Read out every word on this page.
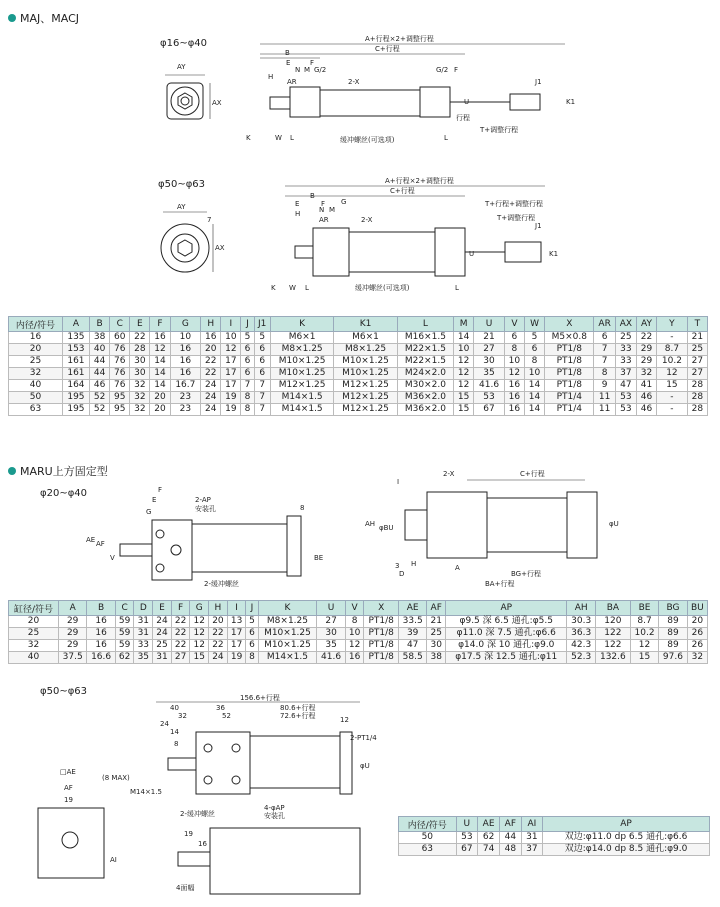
MAJ、MACJ
φ16~φ40
φ50~φ63
AY
AX
A+行程×2+调整行程
C+行程
B
E	F
H
N M G/2
AR	2-X
G/2 F
J1
行程
T+调整行程
K	W L	缓冲螺丝(可选项)	L
U	K1
AY
AX
7
A+行程×2+调整行程
C+行程
B
E	F
H	N M
G
AR	2-X
T+行程+调整行程
T+调整行程
J1
K W L	缓冲螺丝(可选项)	L
U	K1
内径/符号	A	B	C	E	F	G	H	I	J	J1	K	K1	L	M	U	V	W	X	AR	AX	AY	Y	T
16	135	38	60	22	16	10	16	10	5	5	M6×1	M6×1	M16×1.5	14	21	6	5	M5×0.8	6	25	22	-	21
20	153	40	76	28	12	16	20	12	6	6	M8×1.25	M8×1.25	M22×1.5	10	27	8	6	PT1/8	7	33	29	8.7	25
25	161	44	76	30	14	16	22	17	6	6	M10×1.25	M10×1.25	M22×1.5	12	30	10	8	PT1/8	7	33	29	10.2	27
32	161	44	76	30	14	16	22	17	6	6	M10×1.25	M10×1.25	M24×2.0	12	35	12	10	PT1/8	8	37	32	12	27
40	164	46	76	32	14	16.7	24	17	7	7	M12×1.25	M12×1.25	M30×2.0	12	41.6	16	14	PT1/8	9	47	41	15	28
50	195	52	95	32	20	23	24	19	8	7	M14×1.5	M12×1.25	M36×2.0	15	53	16	14	PT1/4	11	53	46	-	28
63	195	52	95	32	20	23	24	19	8	7	M14×1.5	M12×1.25	M36×2.0	15	67	16	14	PT1/4	11	53	46	-	28
MARU上方固定型
φ20~φ40	F
E
G
2-AP
安装孔
AE AF
V
8
BE
2-缓冲螺丝
2-X	C+行程
I
AH φBU	φU
H
D
3	A
BG+行程
BA+行程
缸径/符号	A	B	C	D	E	F	G	H	I	J	K	U	V	X	AE	AF	AP	AH	BA	BE	BG	BU
20	29	16	59	31	24	22	12	20	13	5	M8×1.25	27	8	PT1/8	33.5	21	φ9.5 深 6.5 通孔:φ5.5	30.3	120	8.7	89	20
25	29	16	59	31	24	22	12	22	17	6	M10×1.25	30	10	PT1/8	39	25	φ11.0 深 7.5 通孔:φ6.6	36.3	122	10.2	89	26
32	29	16	59	33	25	22	12	22	17	6	M10×1.25	35	12	PT1/8	47	30	φ14.0 深 10 通孔:φ9.0	42.3	122	12	89	26
40	37.5	16.6	62	35	31	27	15	24	19	8	M14×1.5	41.6	16	PT1/8	58.5	38	φ17.5 深 12.5 通孔:φ11	52.3	132.6	15	97.6	32
φ50~φ63
156.6+行程
40	36	80.6+行程
32	52	72.6+行程
24
14
8
12
2-PT1/4
φU
M14×1.5
2-缓冲螺丝
4-φAP
安装孔
19
16
4面幅
□AE
(8 MAX)
AF
19
AI
内径/符号	U	AE	AF	AI	AP
50	53	62	44	31	双边:φ11.0 dp 6.5 通孔:φ6.6
63	67	74	48	37	双边:φ14.0 dp 8.5 通孔:φ9.0
